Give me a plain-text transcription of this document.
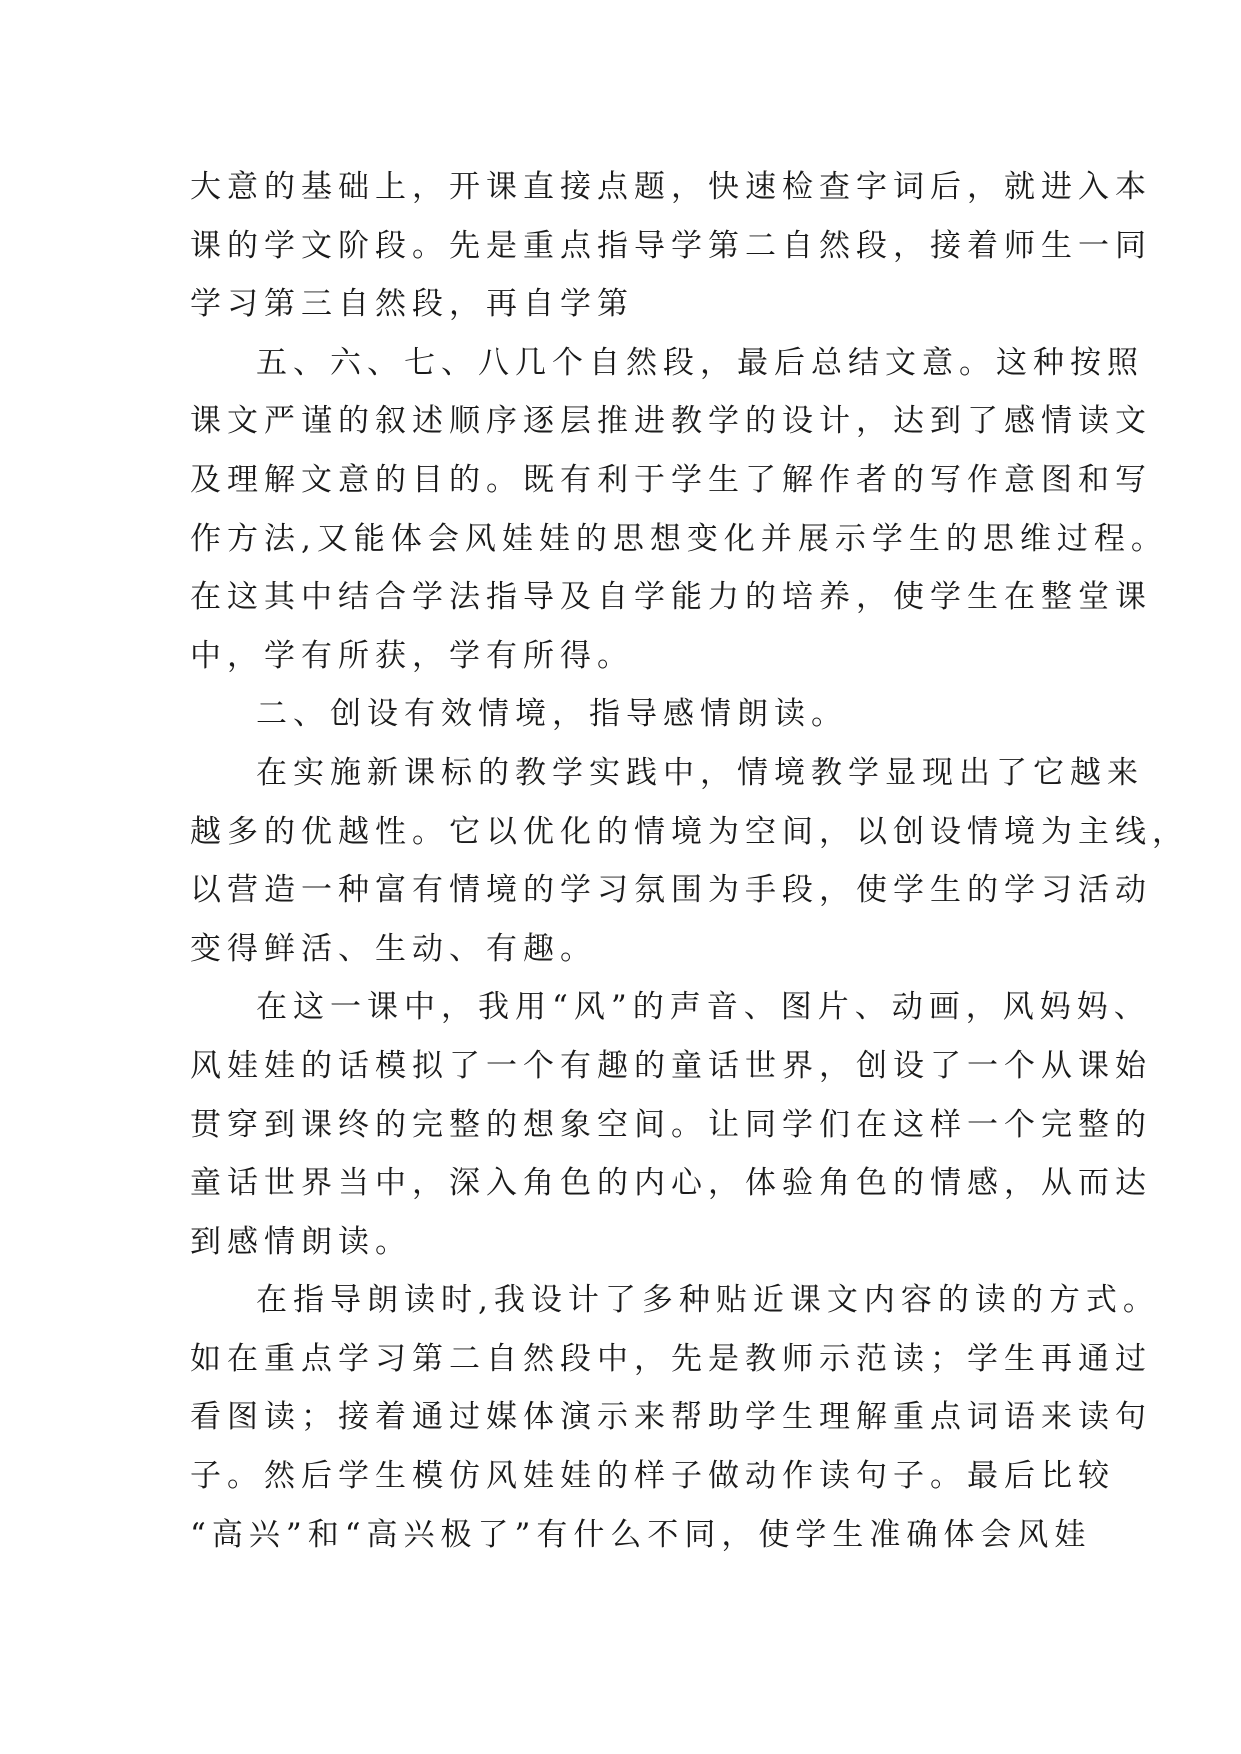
大意的基础上，开课直接点题，快速检查字词后，就进入本
课的学文阶段。先是重点指导学第二自然段，接着师生一同
学习第三自然段，再自学第
五、六、七、八几个自然段，最后总结文意。这种按照
课文严谨的叙述顺序逐层推进教学的设计，达到了感情读文
及理解文意的目的。既有利于学生了解作者的写作意图和写
作方法,又能体会风娃娃的思想变化并展示学生的思维过程。
在这其中结合学法指导及自学能力的培养，使学生在整堂课
中，学有所获，学有所得。
二、创设有效情境，指导感情朗读。
在实施新课标的教学实践中，情境教学显现出了它越来
越多的优越性。它以优化的情境为空间，以创设情境为主线，
以营造一种富有情境的学习氛围为手段，使学生的学习活动
变得鲜活、生动、有趣。
在这一课中，我用“风”的声音、图片、动画，风妈妈、
风娃娃的话模拟了一个有趣的童话世界，创设了一个从课始
贯穿到课终的完整的想象空间。让同学们在这样一个完整的
童话世界当中，深入角色的内心，体验角色的情感，从而达
到感情朗读。
在指导朗读时,我设计了多种贴近课文内容的读的方式。
如在重点学习第二自然段中，先是教师示范读；学生再通过
看图读；接着通过媒体演示来帮助学生理解重点词语来读句
子。然后学生模仿风娃娃的样子做动作读句子。最后比较
“高兴”和“高兴极了”有什么不同，使学生准确体会风娃
